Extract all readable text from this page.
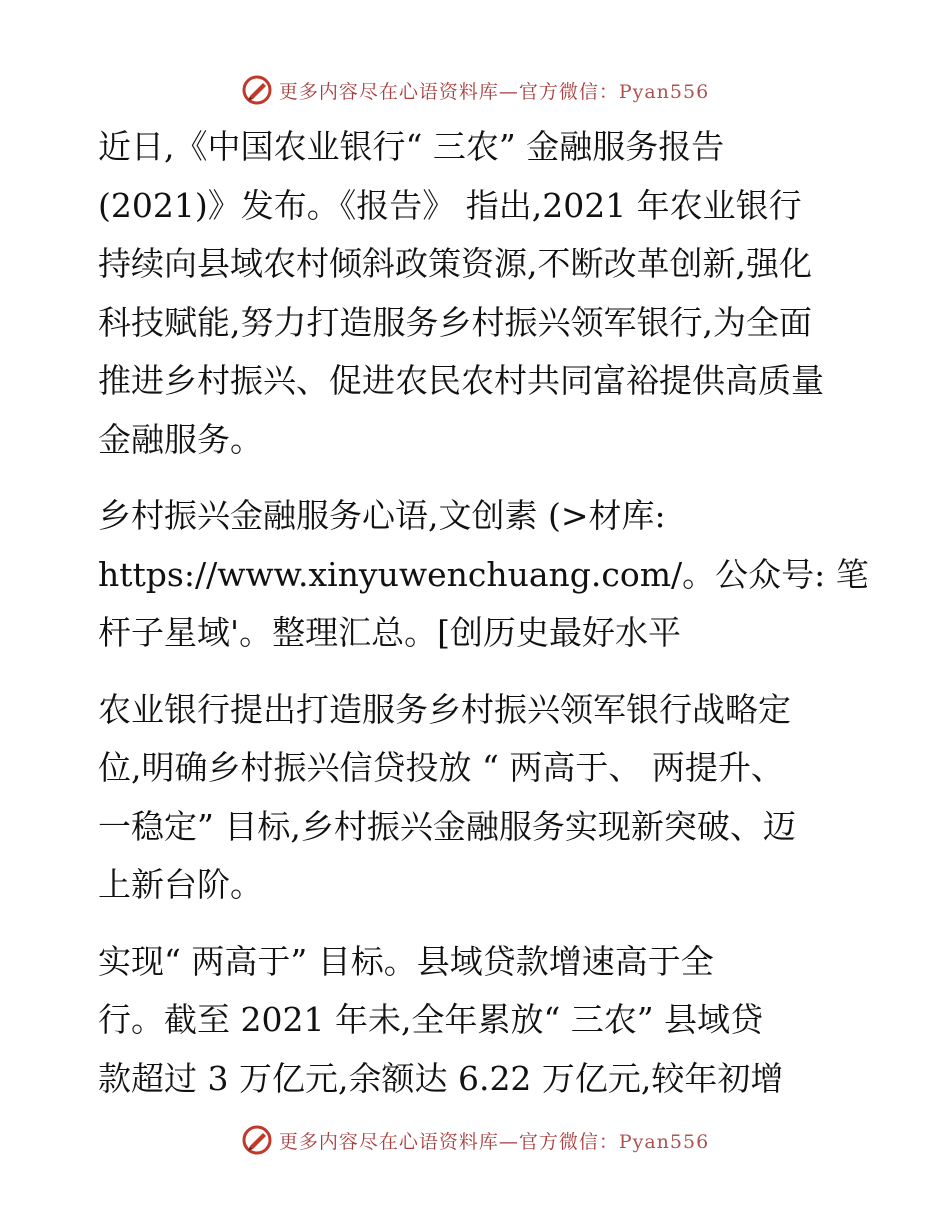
更多内容尽在心语资料库—官方微信：Pyan556

近日,《中国农业银行“ 三农” 金融服务报告
(2021)》发布。《报告》 指出,2021 年农业银行
持续向县域农村倾斜政策资源,不断改革创新,强化
科技赋能,努力打造服务乡村振兴领军银行,为全面
推进乡村振兴、促进农民农村共同富裕提供高质量
金融服务。

乡村振兴金融服务心语,文创素 (>材库:
https://www.xinyuwenchuang.com/。公众号: 笔
杆子星域'。整理汇总。[创历史最好水平

农业银行提出打造服务乡村振兴领军银行战略定
位,明确乡村振兴信贷投放 “ 两高于、 两提升、
一稳定” 目标,乡村振兴金融服务实现新突破、迈
上新台阶。

实现“ 两高于” 目标。县域贷款增速高于全
行。截至 2021 年未,全年累放“ 三农” 县域贷
款超过 3 万亿元,余额达 6.22 万亿元,较年初增

更多内容尽在心语资料库—官方微信：Pyan556
